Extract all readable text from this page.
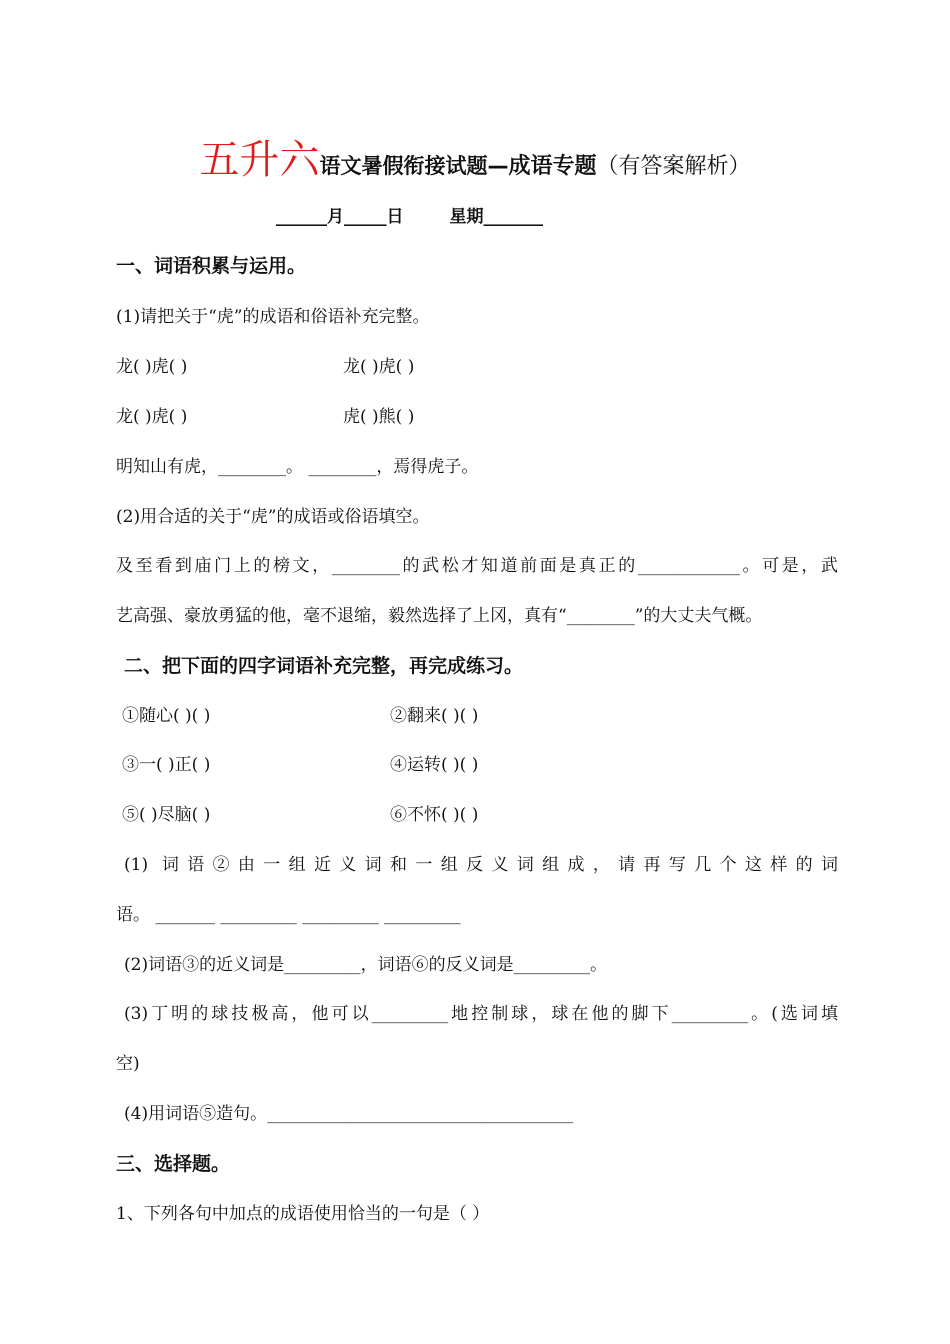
五升六语文暑假衔接试题—成语专题（有答案解析）
______月_____日	星期_______
一、词语积累与运用。
(1)请把关于“虎”的成语和俗语补充完整。
龙( )虎( )	龙( )虎( )
龙( )虎( )	虎( )熊( )
明知山有虎，________。 ________，焉得虎子。
(2)用合适的关于“虎”的成语或俗语填空。
及至看到庙门上的榜文，________的武松才知道前面是真正的____________。可是，武
艺高强、豪放勇猛的他，毫不退缩，毅然选择了上冈，真有“________”的大丈夫气概。
二、把下面的四字词语补充完整，再完成练习。
①随心( )( )	②翻来( )( )
③一( )正( )	④运转( )( )
⑤( )尽脑( )	⑥不怀( )( )
(1) 词语②由一组近义词和一组反义词组成，请再写几个这样的词
语。 _______ _________ _________ _________
(2)词语③的近义词是_________，词语⑥的反义词是_________。
(3)丁明的球技极高，他可以_________地控制球，球在他的脚下_________。(选词填
空)
(4)用词语⑤造句。____________________________________
三、选择题。
1、下列各句中加点的成语使用恰当的一句是（ ）
